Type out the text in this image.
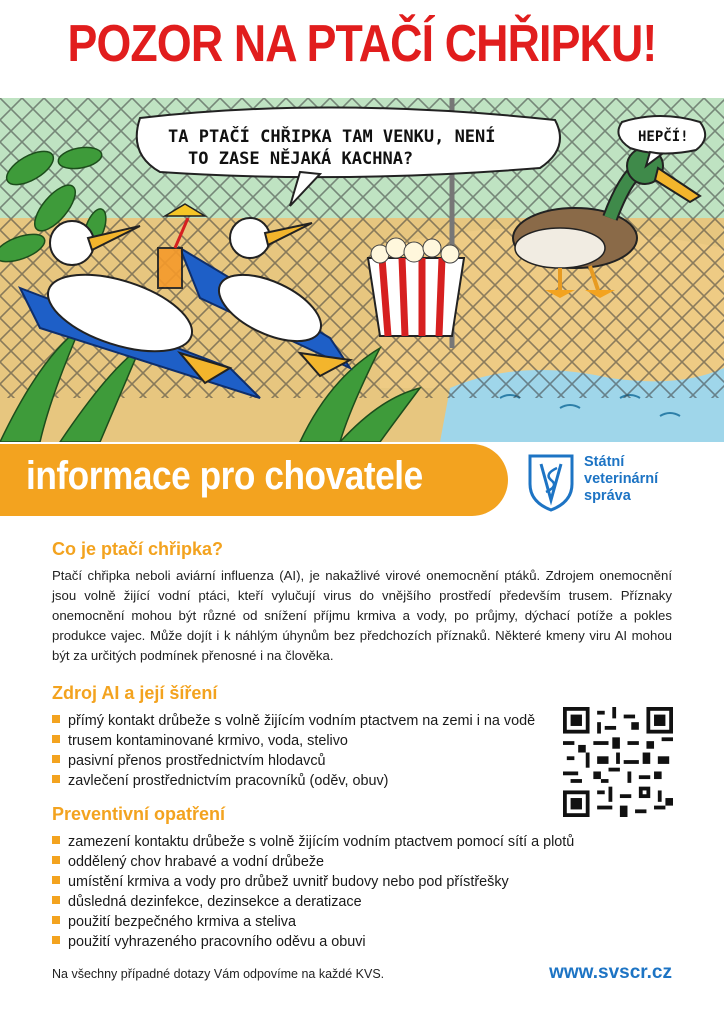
POZOR NA PTAČÍ CHŘIPKU!
TA PTAČÍ CHŘIPKA TAM VENKU, NENÍ
TO ZASE NĚJAKÁ KACHNA?
HEPČÍ!
informace pro chovatele	Státní
veterinární
správa
Co je ptačí chřipka?
Ptačí chřipka neboli aviární influenza (AI), je nakažlivé virové onemocnění ptáků. Zdrojem onemocnění jsou volně žijící vodní ptáci, kteří vylučují virus do vnějšího prostředí především trusem. Příznaky onemocnění mohou být různé od snížení příjmu krmiva a vody, po průjmy, dýchací potíže a pokles produkce vajec. Může dojít i k náhlým úhynům bez předchozích příznaků. Některé kmeny viru AI mohou být za určitých podmínek přenosné i na člověka.
Zdroj AI a její šíření
přímý kontakt drůbeže s volně žijícím vodním ptactvem na zemi i na vodě
trusem kontaminované krmivo, voda, stelivo
pasivní přenos prostřednictvím hlodavců
zavlečení prostřednictvím pracovníků (oděv, obuv)
Preventivní opatření
zamezení kontaktu drůbeže s volně žijícím vodním ptactvem pomocí sítí a plotů
oddělený chov hrabavé a vodní drůbeže
umístění krmiva a vody pro drůbež uvnitř budovy nebo pod přístřešky
důsledná dezinfekce, dezinsekce a deratizace
použití bezpečného krmiva a steliva
použití vyhrazeného pracovního oděvu a obuvi
Na všechny případné dotazy Vám odpovíme na každé KVS.	www.svscr.cz
